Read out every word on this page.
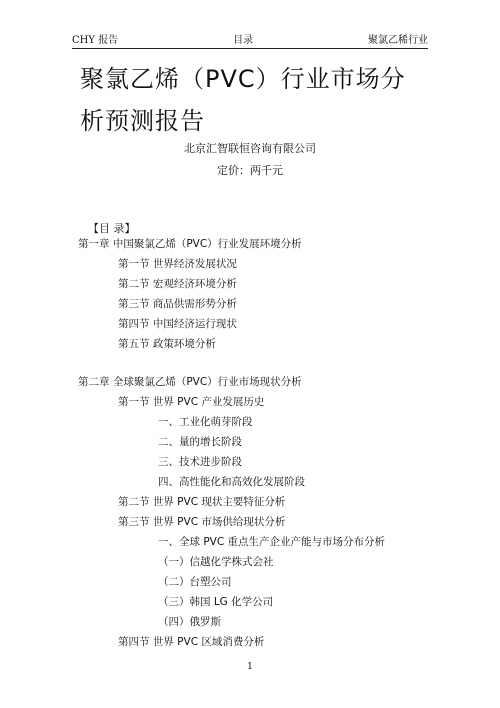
CHY 报告	目录	聚氯乙稀行业
聚氯乙烯（PVC）行业市场分析预测报告
北京汇智联恒咨询有限公司
定价：两千元
【目 录】
第一章 中国聚氯乙烯（PVC）行业发展环境分析
第一节 世界经济发展状况
第二节 宏观经济环境分析
第三节 商品供需形势分析
第四节 中国经济运行现状
第五节 政策环境分析
第二章 全球聚氯乙烯（PVC）行业市场现状分析
第一节 世界 PVC 产业发展历史
一、工业化萌芽阶段
二、量的增长阶段
三、技术进步阶段
四、高性能化和高效化发展阶段
第二节 世界 PVC 现状主要特征分析
第三节 世界 PVC 市场供给现状分析
一、全球 PVC 重点生产企业产能与市场分布分析
（一）信越化学株式会社
（二）台塑公司
（三）韩国 LG 化学公司
（四）俄罗斯
第四节 世界 PVC 区域消费分析
1
